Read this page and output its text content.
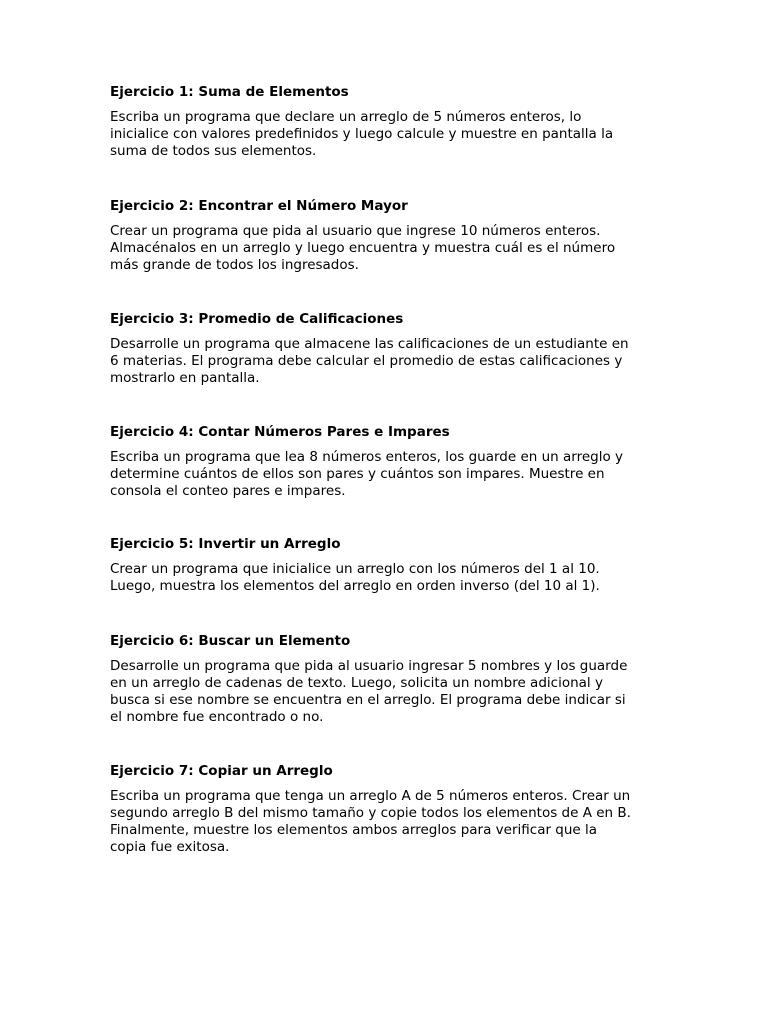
Ejercicio 1: Suma de Elementos

Escriba un programa que declare un arreglo de 5 números enteros, lo
inicialice con valores predefinidos y luego calcule y muestre en pantalla la
suma de todos sus elementos.

Ejercicio 2: Encontrar el Número Mayor

Crear un programa que pida al usuario que ingrese 10 números enteros.
Almacénalos en un arreglo y luego encuentra y muestra cuál es el número
más grande de todos los ingresados.

Ejercicio 3: Promedio de Calificaciones

Desarrolle un programa que almacene las calificaciones de un estudiante en
6 materias. El programa debe calcular el promedio de estas calificaciones y
mostrarlo en pantalla.

Ejercicio 4: Contar Números Pares e Impares

Escriba un programa que lea 8 números enteros, los guarde en un arreglo y
determine cuántos de ellos son pares y cuántos son impares. Muestre en
consola el conteo pares e impares.

Ejercicio 5: Invertir un Arreglo

Crear un programa que inicialice un arreglo con los números del 1 al 10.
Luego, muestra los elementos del arreglo en orden inverso (del 10 al 1).

Ejercicio 6: Buscar un Elemento

Desarrolle un programa que pida al usuario ingresar 5 nombres y los guarde
en un arreglo de cadenas de texto. Luego, solicita un nombre adicional y
busca si ese nombre se encuentra en el arreglo. El programa debe indicar si
el nombre fue encontrado o no.

Ejercicio 7: Copiar un Arreglo

Escriba un programa que tenga un arreglo A de 5 números enteros. Crear un
segundo arreglo B del mismo tamaño y copie todos los elementos de A en B.
Finalmente, muestre los elementos ambos arreglos para verificar que la
copia fue exitosa.
